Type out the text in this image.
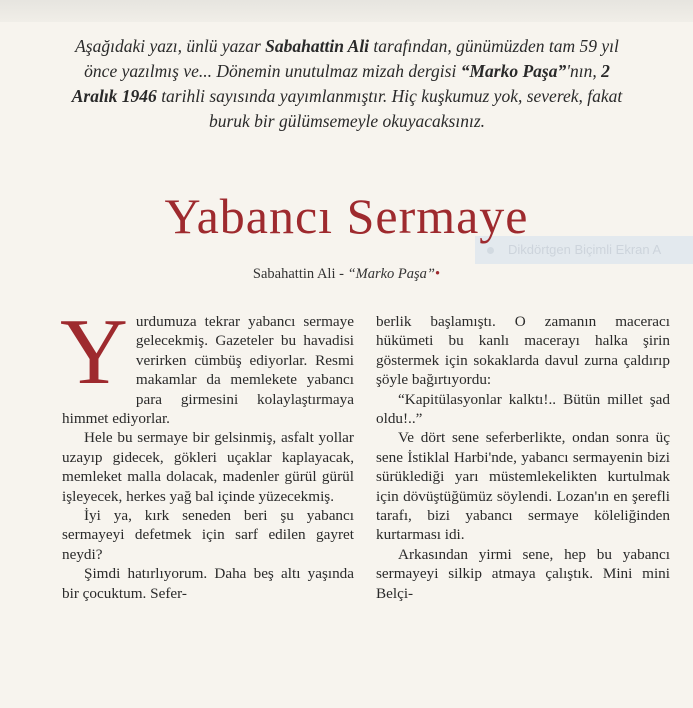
Dikdörtgen Biçimli Ekran A
Aşağıdaki yazı, ünlü yazar Sabahattin Ali tarafından, günümüzden tam 59 yıl önce yazılmış ve... Dönemin unutulmaz mizah dergisi “Marko Paşa”'nın, 2 Aralık 1946 tarihli sayısında yayımlanmıştır. Hiç kuşkumuz yok, severek, fakat buruk bir gülümsemeyle okuyacaksınız.
Yabancı Sermaye
Sabahattin Ali - “Marko Paşa”•

Yurdumuza tekrar yabancı sermaye gelecekmiş. Gazeteler bu havadisi verirken cümbüş ediyorlar. Resmi makamlar da memlekete yabancı para girmesini kolaylaştırmaya himmet ediyorlar.

Hele bu sermaye bir gelsinmiş, asfalt yollar uzayıp gidecek, gökleri uçaklar kaplayacak, memleket malla dolacak, madenler gürül gürül işleyecek, herkes yağ bal içinde yüzecekmiş.

İyi ya, kırk seneden beri şu yabancı sermayeyi defetmek için sarf edilen gayret neydi?

Şimdi hatırlıyorum. Daha beş altı yaşında bir çocuktum. Sefer-

berlik başlamıştı. O zamanın maceracı hükümeti bu kanlı macerayı halka şirin göstermek için sokaklarda davul zurna çaldırıp şöyle bağırtıyordu:

“Kapitülasyonlar kalktı!.. Bütün millet şad oldu!..”

Ve dört sene seferberlikte, ondan sonra üç sene İstiklal Harbi'nde, yabancı sermayenin bizi sürüklediği yarı müstemlekelikten kurtulmak için dövüştüğümüz söylendi. Lozan'ın en şerefli tarafı, bizi yabancı sermaye köleliğinden kurtarması idi.

Arkasından yirmi sene, hep bu yabancı sermayeyi silkip atmaya çalıştık. Mini mini Belçi-
